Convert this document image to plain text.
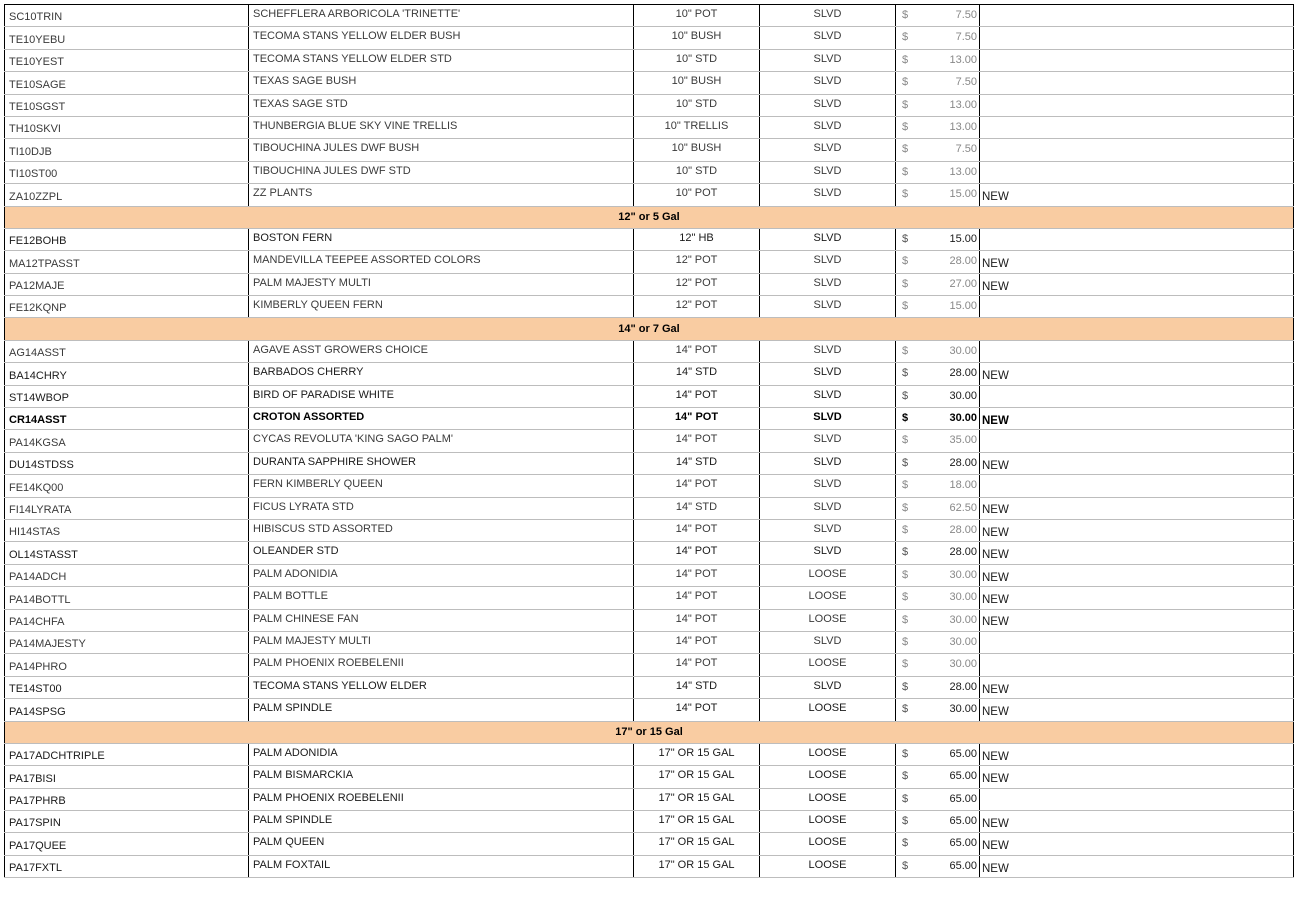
SC10TRIN	SCHEFFLERA ARBORICOLA 'TRINETTE'	10" POT	SLVD	$ 7.50	

TE10YEBU	TECOMA STANS YELLOW ELDER BUSH	10" BUSH	SLVD	$ 7.50	

TE10YEST	TECOMA STANS YELLOW ELDER STD	10" STD	SLVD	$ 13.00	

TE10SAGE	TEXAS SAGE BUSH	10" BUSH	SLVD	$ 7.50	

TE10SGST	TEXAS SAGE STD	10" STD	SLVD	$ 13.00	

TH10SKVI	THUNBERGIA BLUE SKY VINE TRELLIS	10" TRELLIS	SLVD	$ 13.00	

TI10DJB	TIBOUCHINA JULES DWF BUSH	10" BUSH	SLVD	$ 7.50	

TI10ST00	TIBOUCHINA JULES DWF STD	10" STD	SLVD	$ 13.00	

ZA10ZZPL	ZZ PLANTS	10" POT	SLVD	$ 15.00	NEW
12" or 5 Gal					
FE12BOHB	BOSTON FERN	12" HB	SLVD	$ 15.00	

MA12TPASST	MANDEVILLA TEEPEE ASSORTED COLORS	12" POT	SLVD	$ 28.00	NEW
PA12MAJE	PALM MAJESTY MULTI	12" POT	SLVD	$ 27.00	NEW
FE12KQNP	KIMBERLY QUEEN FERN	12" POT	SLVD	$ 15.00	

14" or 7 Gal					
AG14ASST	AGAVE ASST GROWERS CHOICE	14" POT	SLVD	$ 30.00	

BA14CHRY	BARBADOS CHERRY	14" STD	SLVD	$ 28.00	NEW
ST14WBOP	BIRD OF PARADISE WHITE	14" POT	SLVD	$ 30.00	

CR14ASST	CROTON ASSORTED	14" POT	SLVD	$ 30.00	NEW
PA14KGSA	CYCAS REVOLUTA 'KING SAGO PALM'	14" POT	SLVD	$ 35.00	

DU14STDSS	DURANTA SAPPHIRE SHOWER	14" STD	SLVD	$ 28.00	NEW
FE14KQ00	FERN KIMBERLY QUEEN	14" POT	SLVD	$ 18.00	

FI14LYRATA	FICUS LYRATA STD	14" STD	SLVD	$ 62.50	NEW
HI14STAS	HIBISCUS STD ASSORTED	14" POT	SLVD	$ 28.00	NEW
OL14STASST	OLEANDER STD	14" POT	SLVD	$ 28.00	NEW
PA14ADCH	PALM ADONIDIA	14" POT	LOOSE	$ 30.00	NEW
PA14BOTTL	PALM BOTTLE	14" POT	LOOSE	$ 30.00	NEW
PA14CHFA	PALM CHINESE FAN	14" POT	LOOSE	$ 30.00	NEW
PA14MAJESTY	PALM MAJESTY MULTI	14" POT	SLVD	$ 30.00	

PA14PHRO	PALM PHOENIX ROEBELENII	14" POT	LOOSE	$ 30.00	

TE14ST00	TECOMA STANS YELLOW ELDER	14" STD	SLVD	$ 28.00	NEW
PA14SPSG	PALM SPINDLE	14" POT	LOOSE	$ 30.00	NEW
17" or 15 Gal					
PA17ADCHTRIPLE	PALM ADONIDIA	17" OR 15 GAL	LOOSE	$ 65.00	NEW
PA17BISI	PALM BISMARCKIA	17" OR 15 GAL	LOOSE	$ 65.00	NEW
PA17PHRB	PALM PHOENIX ROEBELENII	17" OR 15 GAL	LOOSE	$ 65.00	

PA17SPIN	PALM SPINDLE	17" OR 15 GAL	LOOSE	$ 65.00	NEW
PA17QUEE	PALM QUEEN	17" OR 15 GAL	LOOSE	$ 65.00	NEW
PA17FXTL	PALM FOXTAIL	17" OR 15 GAL	LOOSE	$ 65.00	NEW
